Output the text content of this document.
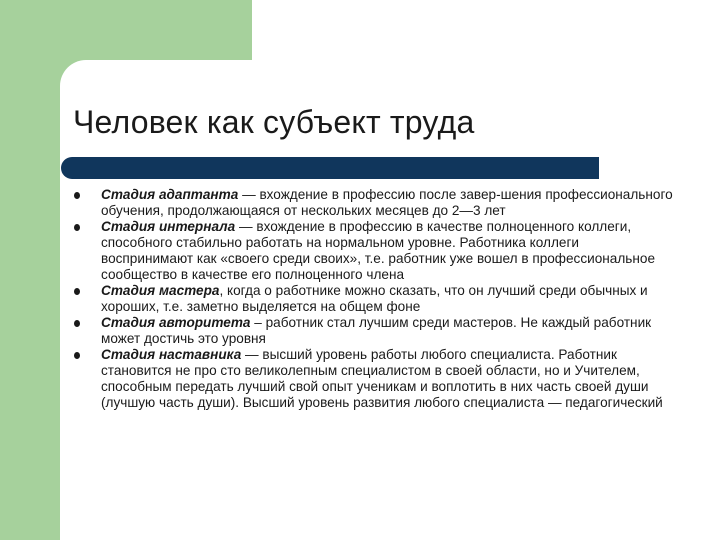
Человек как субъект труда
Стадия адаптанта — вхождение в профессию после завер-шения профессионального обучения, продолжающаяся от нескольких месяцев до 2—3 лет
Стадия интернала — вхождение в профессию в качестве полноценного коллеги, способного стабильно работать на нормальном уровне. Работника коллеги воспринимают как «своего среди своих», т.е. работник уже вошел в профессиональное сообщество в качестве его полноценного члена
Стадия мастера, когда о работнике можно сказать, что он лучший среди обычных и хороших, т.е. заметно выделяется на общем фоне
Стадия авторитета – работник стал лучшим среди мастеров. Не каждый работник может достичь это уровня
Стадия наставника — высший уровень работы любого специалиста. Работник становится не про сто великолепным специалистом в своей области, но и Учителем, способным передать лучший свой опыт ученикам и воплотить в них часть своей души (лучшую часть души). Высший уровень развития любого специалиста — педагогический
